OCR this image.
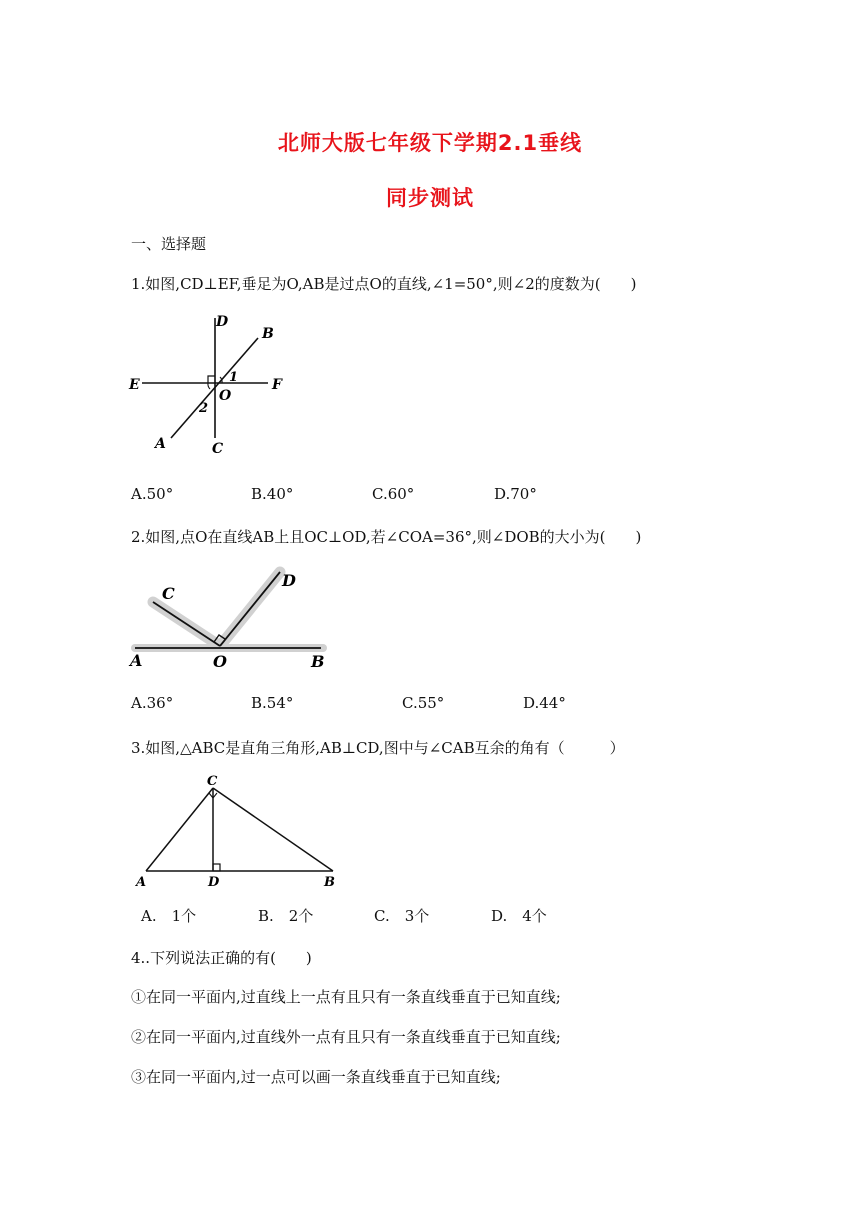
北师大版七年级下学期2.1垂线
同步测试
一、选择题
1.如图,CD⊥EF,垂足为O,AB是过点O的直线,∠1=50°,则∠2的度数为(　　)
D
B
E	F
O
1
2
A	C
A.50°	B.40°	C.60°	D.70°
2.如图,点O在直线AB上且OC⊥OD,若∠COA=36°,则∠DOB的大小为(　　)
C
D
A	O	B
A.36°	B.54°	C.55°	D.44°
3.如图,△ABC是直角三角形,AB⊥CD,图中与∠CAB互余的角有（　　　）
C
A	D	B
A.　1个	B.　2个	C.　3个	D.　4个
4..下列说法正确的有(　　)
①在同一平面内,过直线上一点有且只有一条直线垂直于已知直线;
②在同一平面内,过直线外一点有且只有一条直线垂直于已知直线;
③在同一平面内,过一点可以画一条直线垂直于已知直线;
